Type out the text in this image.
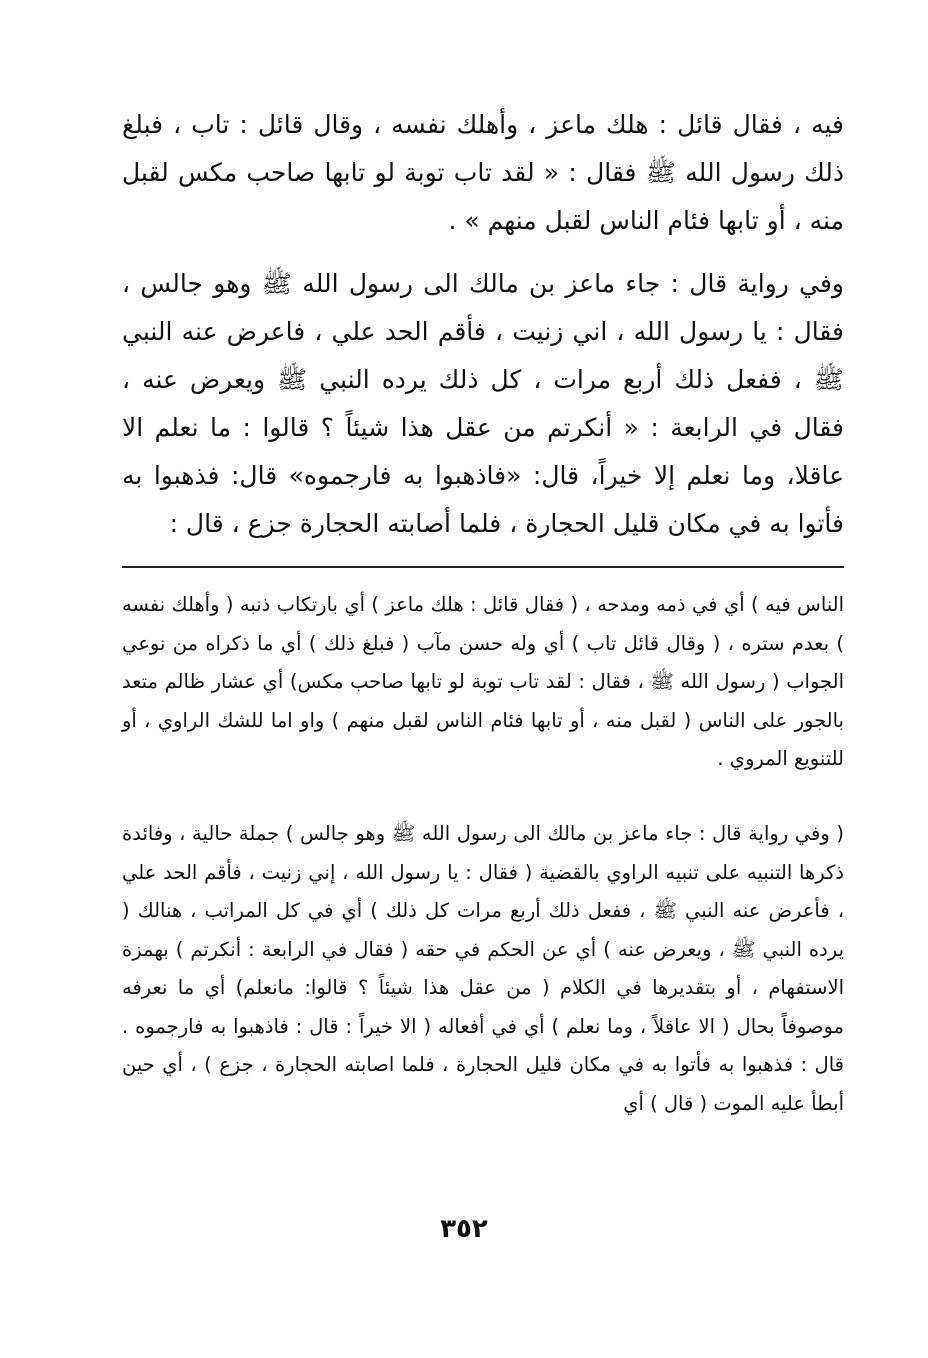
فيه ، فقال قائل : هلك ماعز ، وأهلك نفسه ، وقال قائل : تاب ، فبلغ ذلك رسول الله ﷺ فقال : « لقد تاب توبة لو تابها صاحب مكس لقبل منه ، أو تابها فئام الناس لقبل منهم » .

وفي رواية قال : جاء ماعز بن مالك الى رسول الله ﷺ وهو جالس ، فقال : يا رسول الله ، اني زنيت ، فأقم الحد علي ، فاعرض عنه النبي ﷺ ، ففعل ذلك أربع مرات ، كل ذلك يرده النبي ﷺ ويعرض عنه ، فقال في الرابعة : « أنكرتم من عقل هذا شيئاً ؟ قالوا : ما نعلم الا عاقلا، وما نعلم إلا خيراً، قال: «فاذهبوا به فارجموه» قال: فذهبوا به فأتوا به في مكان قليل الحجارة ، فلما أصابته الحجارة جزع ، قال :

الناس فيه ) أي في ذمه ومدحه ، ( فقال قائل : هلك ماعز ) أي بارتكاب ذنبه ( وأهلك نفسه ) بعدم ستره ، ( وقال قائل تاب ) أي وله حسن مآب ( فبلغ ذلك ) أي ما ذكراه من نوعي الجواب ( رسول الله ﷺ ، فقال : لقد تاب توبة لو تابها صاحب مكس) أي عشار ظالم متعد بالجور على الناس ( لقبل منه ، أو تابها فئام الناس لقبل منهم ) واو اما للشك الراوي ، أو للتنويع المروي .

( وفي رواية قال : جاء ماعز بن مالك الى رسول الله ﷺ وهو جالس ) جملة حالية ، وفائدة ذكرها التنبيه على تنبيه الراوي بالقضية ( فقال : يا رسول الله ، إني زنيت ، فأقم الحد علي ، فأعرض عنه النبي ﷺ ، ففعل ذلك أربع مرات كل ذلك ) أي في كل المراتب ، هنالك ( يرده النبي ﷺ ، ويعرض عنه ) أي عن الحكم في حقه ( فقال في الرابعة : أنكرتم ) بهمزة الاستفهام ، أو بتقديرها في الكلام ( من عقل هذا شيئاً ؟ قالوا: مانعلم) أي ما نعرفه موصوفاً بحال ( الا عاقلاً ، وما نعلم ) أي في أفعاله ( الا خيراً : قال : فاذهبوا به فارجموه . قال : فذهبوا به فأتوا به في مكان قليل الحجارة ، فلما اصابته الحجارة ، جزع ) ، أي حين أبطأ عليه الموت ( قال ) أي

٣٥٢
